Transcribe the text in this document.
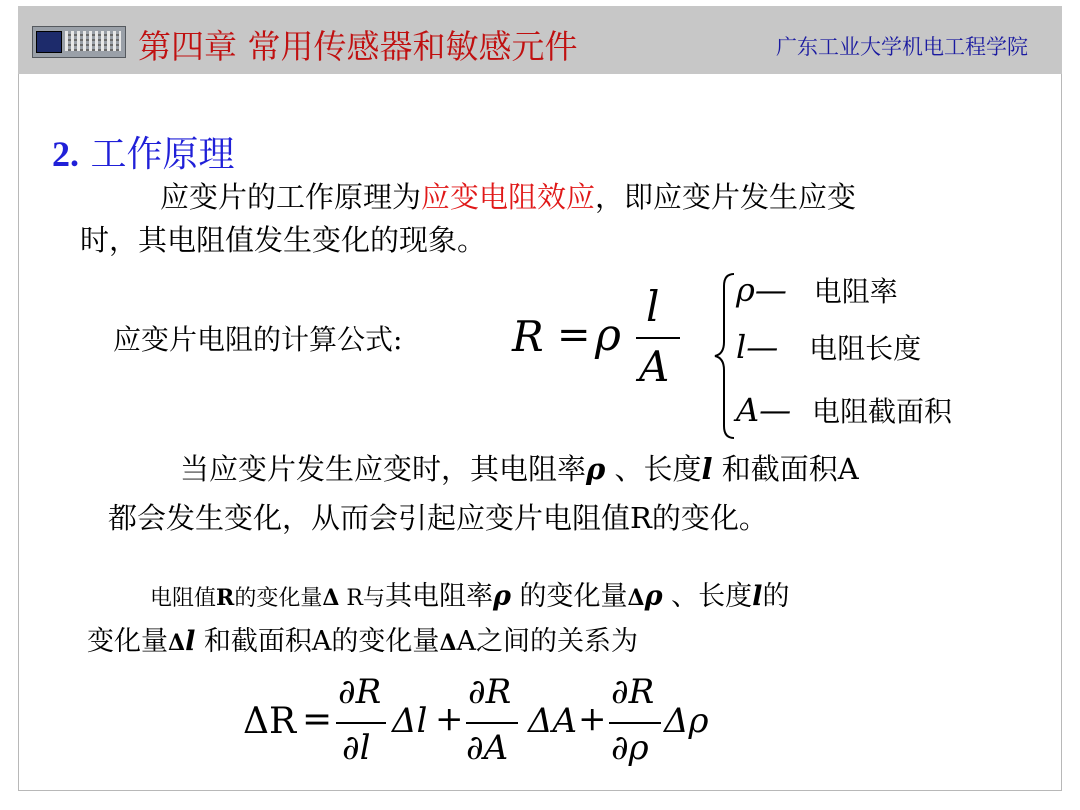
第四章 常用传感器和敏感元件	广东工业大学机电工程学院
2. 工作原理
应变片的工作原理为应变电阻效应，即应变片发生应变
时，其电阻值发生变化的现象。
应变片电阻的计算公式:	R = ρ
l
A
ρ— 电阻率
l— 电阻长度
A— 电阻截面积
当应变片发生应变时，其电阻率ρ 、长度l 和截面积A
都会发生变化，从而会引起应变片电阻值R的变化。
电阻值R的变化量Δ R与其电阻率ρ 的变化量Δρ 、长度l的
变化量Δl 和截面积A的变化量ΔA之间的关系为
ΔR =
∂R
∂l
Δl +
∂R
∂A
ΔA +
∂R
∂ρ
Δρ
